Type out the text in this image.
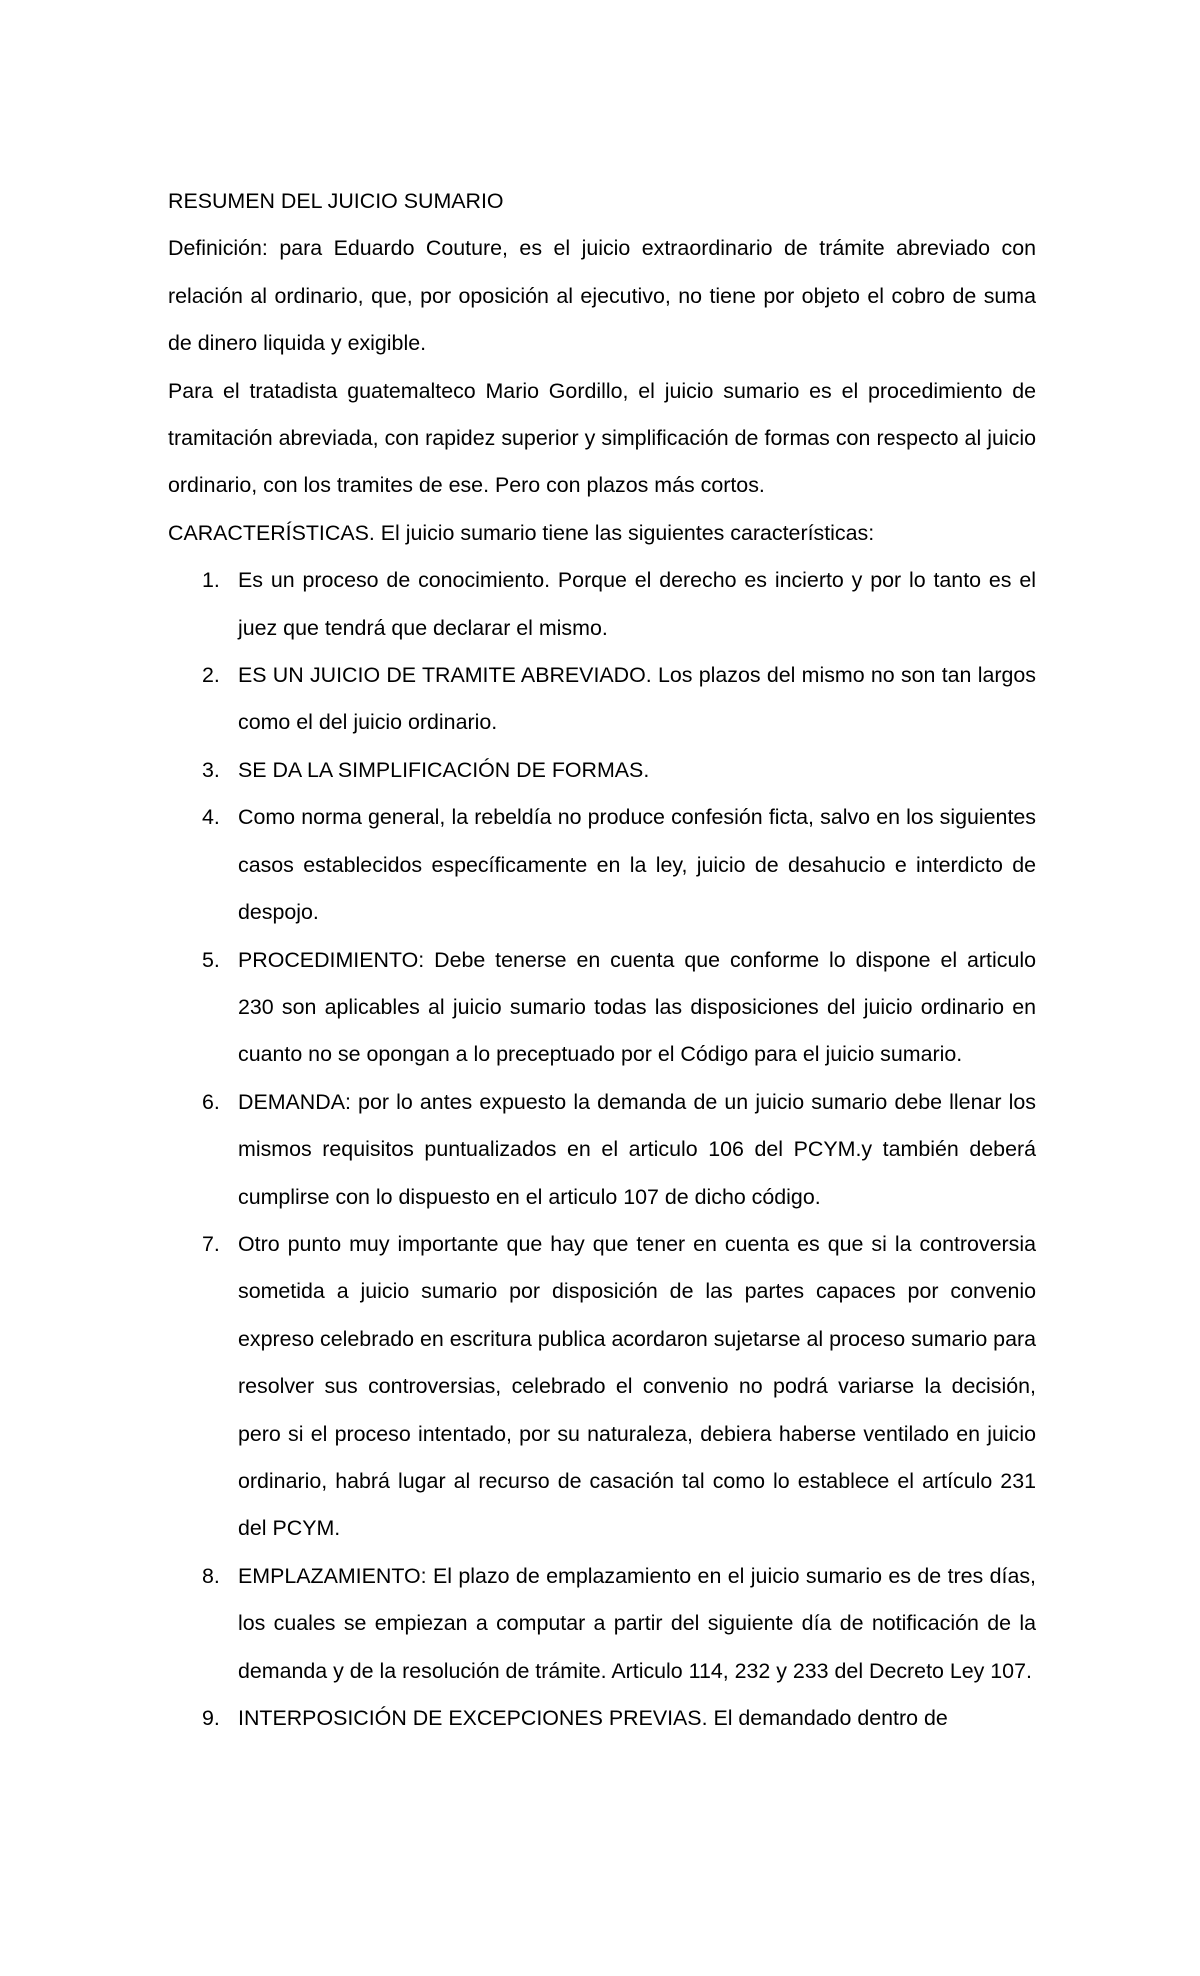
RESUMEN DEL JUICIO SUMARIO

Definición: para Eduardo Couture, es el juicio extraordinario de trámite abreviado con relación al ordinario, que, por oposición al ejecutivo, no tiene por objeto el cobro de suma de dinero liquida y exigible.

Para el tratadista guatemalteco Mario Gordillo, el juicio sumario es el procedimiento de tramitación abreviada, con rapidez superior y simplificación de formas con respecto al juicio ordinario, con los tramites de ese. Pero con plazos más cortos.

CARACTERÍSTICAS. El juicio sumario tiene las siguientes características:

1. Es un proceso de conocimiento. Porque el derecho es incierto y por lo tanto es el juez que tendrá que declarar el mismo.
2. ES UN JUICIO DE TRAMITE ABREVIADO. Los plazos del mismo no son tan largos como el del juicio ordinario.
3. SE DA LA SIMPLIFICACIÓN DE FORMAS.
4. Como norma general, la rebeldía no produce confesión ficta, salvo en los siguientes casos establecidos específicamente en la ley, juicio de desahucio e interdicto de despojo.
5. PROCEDIMIENTO: Debe tenerse en cuenta que conforme lo dispone el articulo 230 son aplicables al juicio sumario todas las disposiciones del juicio ordinario en cuanto no se opongan a lo preceptuado por el Código para el juicio sumario.
6. DEMANDA: por lo antes expuesto la demanda de un juicio sumario debe llenar los mismos requisitos puntualizados en el articulo 106 del PCYM.y también deberá cumplirse con lo dispuesto en el articulo 107 de dicho código.
7. Otro punto muy importante que hay que tener en cuenta es que si la controversia sometida a juicio sumario por disposición de las partes capaces por convenio expreso celebrado en escritura publica acordaron sujetarse al proceso sumario para resolver sus controversias, celebrado el convenio no podrá variarse la decisión, pero si el proceso intentado, por su naturaleza, debiera haberse ventilado en juicio ordinario, habrá lugar al recurso de casación tal como lo establece el artículo 231 del PCYM.
8. EMPLAZAMIENTO: El plazo de emplazamiento en el juicio sumario es de tres días, los cuales se empiezan a computar a partir del siguiente día de notificación de la demanda y de la resolución de trámite. Articulo 114, 232 y 233 del Decreto Ley 107.
9. INTERPOSICIÓN DE EXCEPCIONES PREVIAS. El demandado dentro de
